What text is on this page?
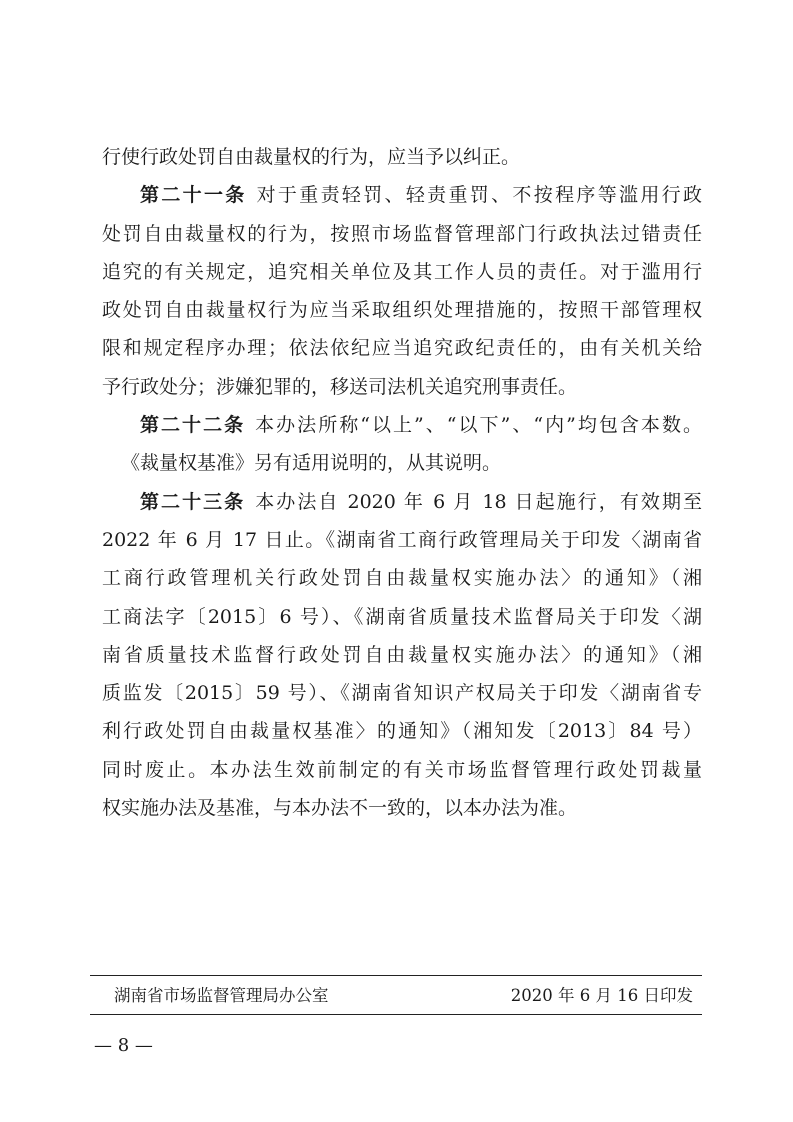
行使行政处罚自由裁量权的行为，应当予以纠正。
第二十一条 对于重责轻罚、轻责重罚、不按程序等滥用行政
处罚自由裁量权的行为，按照市场监督管理部门行政执法过错责任
追究的有关规定，追究相关单位及其工作人员的责任。对于滥用行
政处罚自由裁量权行为应当采取组织处理措施的，按照干部管理权
限和规定程序办理；依法依纪应当追究政纪责任的，由有关机关给
予行政处分；涉嫌犯罪的，移送司法机关追究刑事责任。
第二十二条 本办法所称“以上”、“以下”、“内”均包含本数。
《裁量权基准》另有适用说明的，从其说明。
第二十三条 本办法自 2020 年 6 月 18 日起施行，有效期至
2022 年 6 月 17 日止。《湖南省工商行政管理局关于印发〈湖南省
工商行政管理机关行政处罚自由裁量权实施办法〉的通知》（湘
工商法字〔2015〕6 号）、《湖南省质量技术监督局关于印发〈湖
南省质量技术监督行政处罚自由裁量权实施办法〉的通知》（湘
质监发〔2015〕59 号）、《湖南省知识产权局关于印发〈湖南省专
利行政处罚自由裁量权基准〉的通知》（湘知发〔2013〕84 号）
同时废止。本办法生效前制定的有关市场监督管理行政处罚裁量
权实施办法及基准，与本办法不一致的，以本办法为准。
湖南省市场监督管理局办公室	2020 年 6 月 16 日印发
— 8 —
